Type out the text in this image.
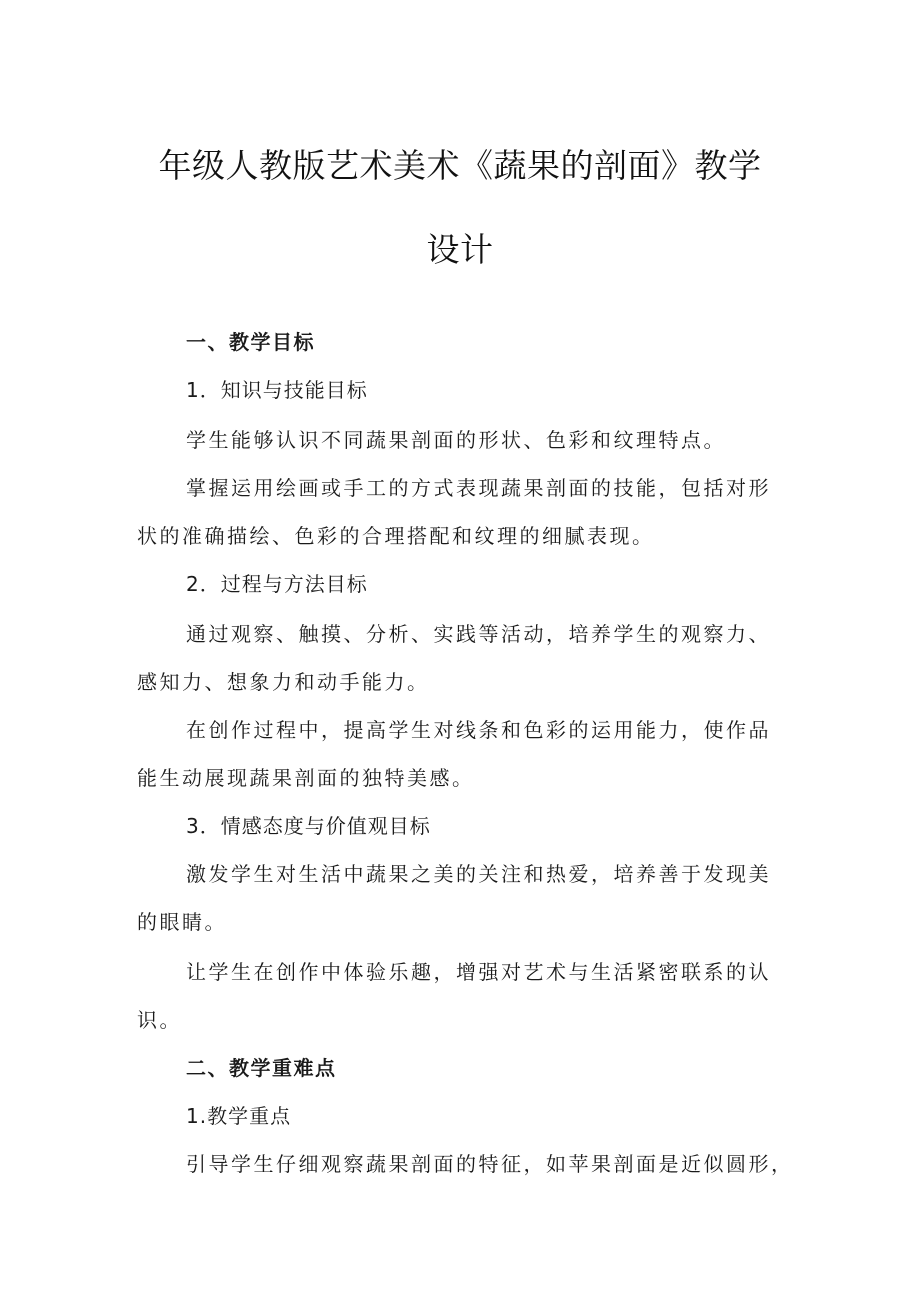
年级人教版艺术美术《蔬果的剖面》教学
设计
一、教学目标
1．知识与技能目标
学生能够认识不同蔬果剖面的形状、色彩和纹理特点。
掌握运用绘画或手工的方式表现蔬果剖面的技能，包括对形
状的准确描绘、色彩的合理搭配和纹理的细腻表现。
2．过程与方法目标
通过观察、触摸、分析、实践等活动，培养学生的观察力、
感知力、想象力和动手能力。
在创作过程中，提高学生对线条和色彩的运用能力，使作品
能生动展现蔬果剖面的独特美感。
3．情感态度与价值观目标
激发学生对生活中蔬果之美的关注和热爱，培养善于发现美
的眼睛。
让学生在创作中体验乐趣，增强对艺术与生活紧密联系的认
识。
二、教学重难点
1.教学重点
引导学生仔细观察蔬果剖面的特征，如苹果剖面是近似圆形，
